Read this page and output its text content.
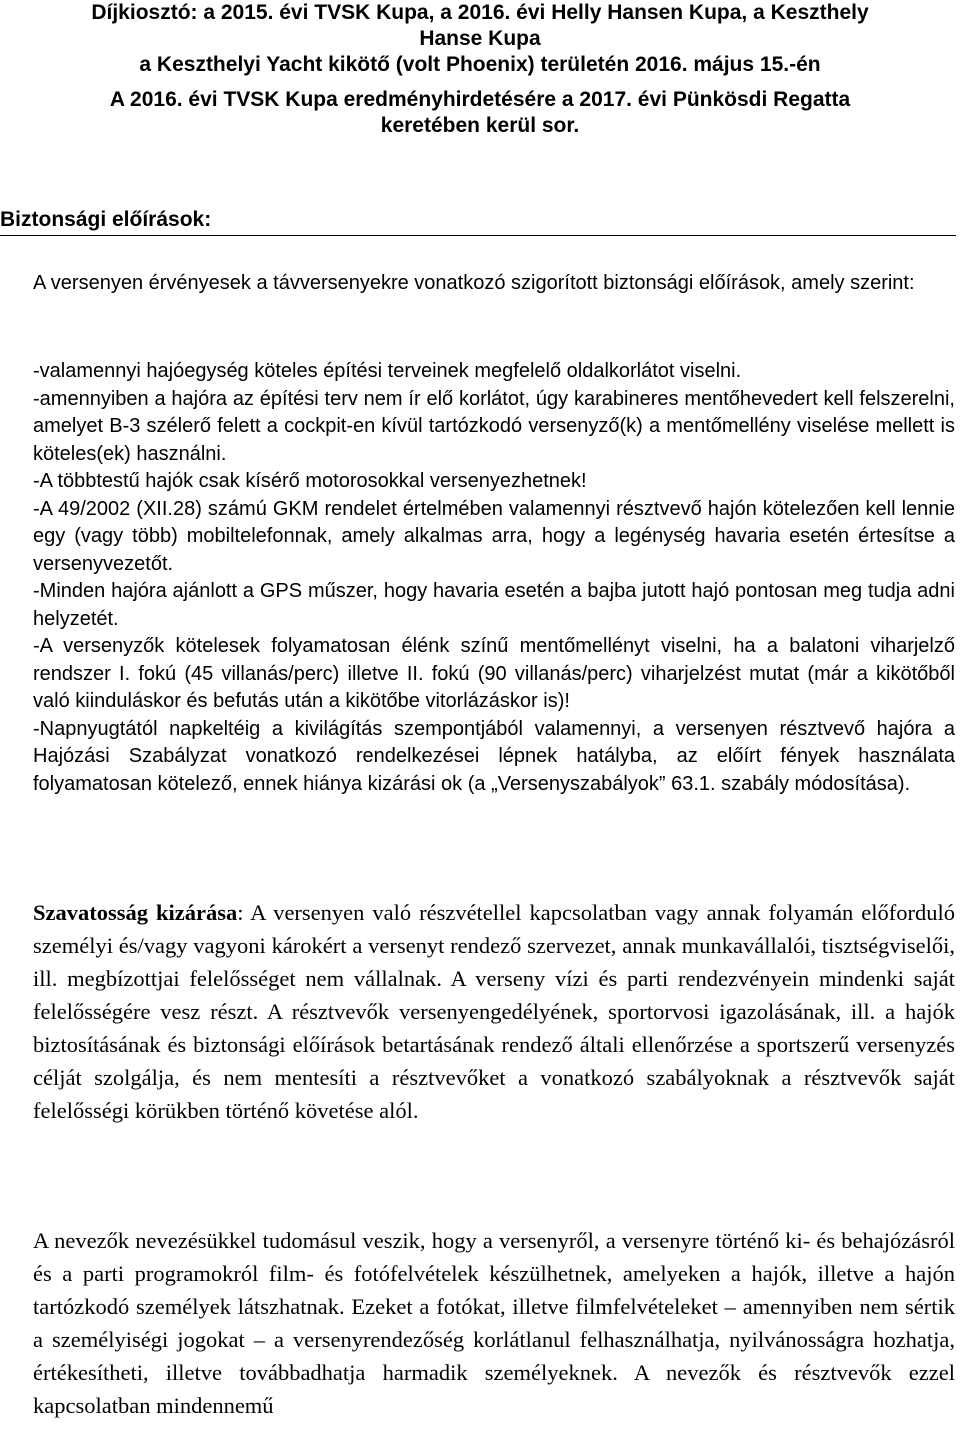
Díjkiosztó: a 2015. évi TVSK Kupa, a 2016. évi Helly Hansen Kupa, a Keszthely
Hanse Kupa
a Keszthelyi Yacht kikötő (volt Phoenix) területén 2016. május 15.-én
A 2016. évi TVSK Kupa eredményhirdetésére a 2017. évi Pünkösdi Regatta
keretében kerül sor.
Biztonsági előírások:
A versenyen érvényesek a távversenyekre vonatkozó szigorított biztonsági előírások, amely szerint:

-valamennyi hajóegység köteles építési terveinek megfelelő oldalkorlátot viselni.

-amennyiben a hajóra az építési terv nem ír elő korlátot, úgy karabineres mentőhevedert kell felszerelni, amelyet B-3 szélerő felett a cockpit-en kívül tartózkodó versenyző(k) a mentőmellény viselése mellett is köteles(ek) használni.

-A többtestű hajók csak kísérő motorosokkal versenyezhetnek!

-A 49/2002 (XII.28) számú GKM rendelet értelmében valamennyi résztvevő hajón kötelezően kell lennie egy (vagy több) mobiltelefonnak, amely alkalmas arra, hogy a legénység havaria esetén értesítse a versenyvezetőt.

-Minden hajóra ajánlott a GPS műszer, hogy havaria esetén a bajba jutott hajó pontosan meg tudja adni helyzetét.

-A versenyzők kötelesek folyamatosan élénk színű mentőmellényt viselni, ha a balatoni viharjelző rendszer I. fokú (45 villanás/perc) illetve II. fokú (90 villanás/perc) viharjelzést mutat (már a kikötőből való kiinduláskor és befutás után a kikötőbe vitorlázáskor is)!

-Napnyugtától napkeltéig a kivilágítás szempontjából valamennyi, a versenyen résztvevő hajóra a Hajózási Szabályzat vonatkozó rendelkezései lépnek hatályba, az előírt fények használata folyamatosan kötelező, ennek hiánya kizárási ok (a „Versenyszabályok” 63.1. szabály módosítása).

Szavatosság kizárása: A versenyen való részvétellel kapcsolatban vagy annak folyamán előforduló személyi és/vagy vagyoni károkért a versenyt rendező szervezet, annak munkavállalói, tisztségviselői, ill. megbízottjai felelősséget nem vállalnak. A verseny vízi és parti rendezvényein mindenki saját felelősségére vesz részt. A résztvevők versenyengedélyének, sportorvosi igazolásának, ill. a hajók biztosításának és biztonsági előírások betartásának rendező általi ellenőrzése a sportszerű versenyzés célját szolgálja, és nem mentesíti a résztvevőket a vonatkozó szabályoknak a résztvevők saját felelősségi körükben történő követése alól.

A nevezők nevezésükkel tudomásul veszik, hogy a versenyről, a versenyre történő ki- és behajózásról és a parti programokról film- és fotófelvételek készülhetnek, amelyeken a hajók, illetve a hajón tartózkodó személyek látszhatnak. Ezeket a fotókat, illetve filmfelvételeket – amennyiben nem sértik a személyiségi jogokat – a versenyrendezőség korlátlanul felhasználhatja, nyilvánosságra hozhatja, értékesítheti, illetve továbbadhatja harmadik személyeknek. A nevezők és résztvevők ezzel kapcsolatban mindennemű
